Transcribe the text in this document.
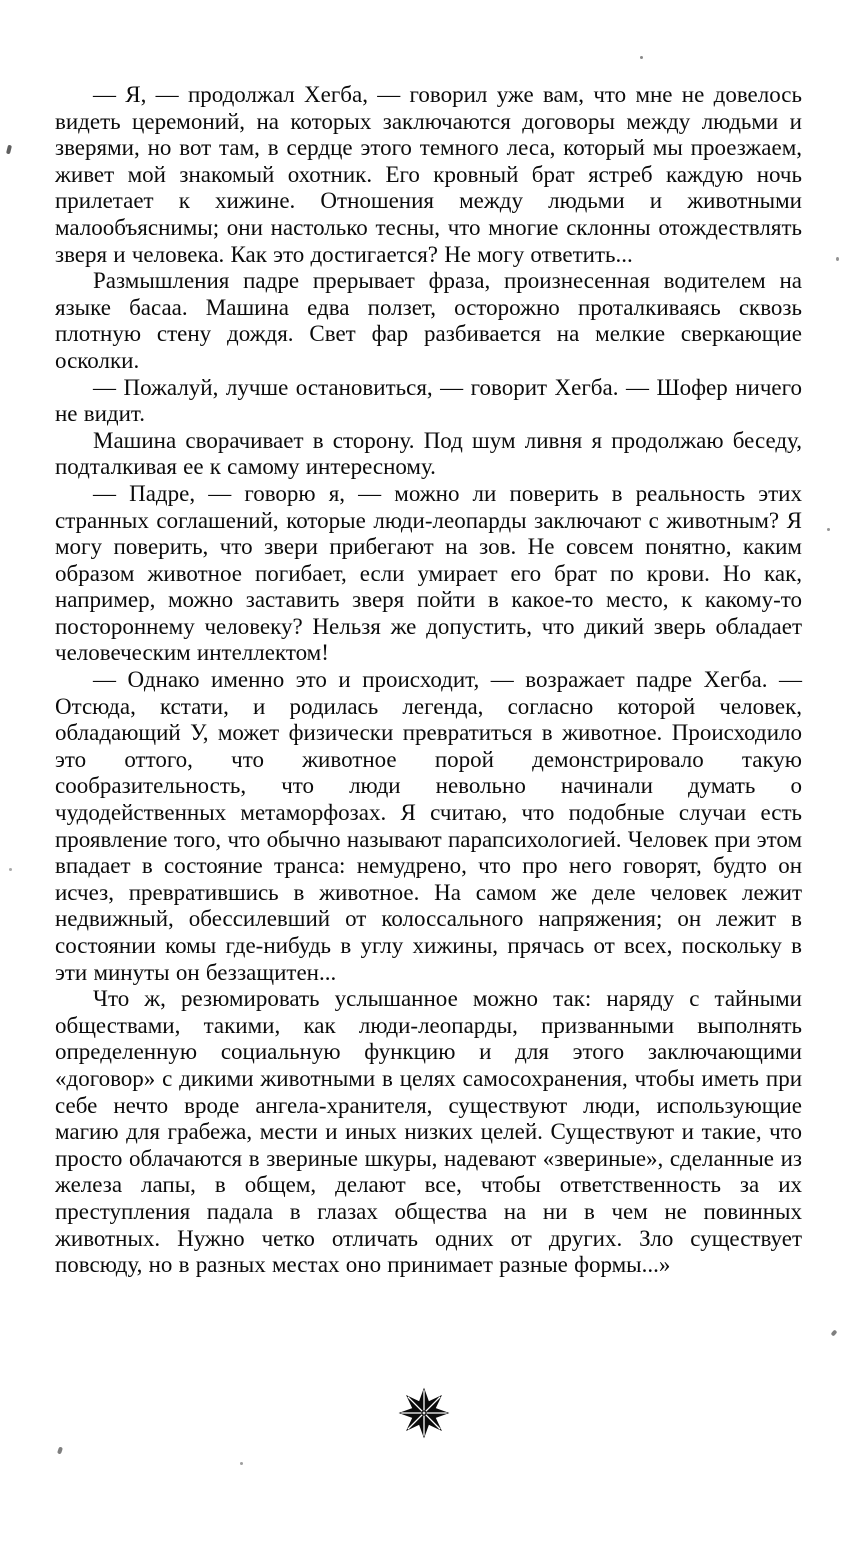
— Я, — продолжал Хегба, — говорил уже вам, что мне не довелось видеть церемоний, на которых заключаются договоры между людьми и зверями, но вот там, в сердце этого темного леса, который мы проезжаем, живет мой знакомый охотник. Его кровный брат ястреб каждую ночь прилетает к хижине. Отношения между людьми и животными малообъяснимы; они настолько тесны, что многие склонны отождествлять зверя и человека. Как это достигается? Не могу ответить...

Размышления падре прерывает фраза, произнесенная водителем на языке басаа. Машина едва ползет, осторожно проталкиваясь сквозь плотную стену дождя. Свет фар разбивается на мелкие сверкающие осколки.

— Пожалуй, лучше остановиться, — говорит Хегба. — Шофер ничего не видит.

Машина сворачивает в сторону. Под шум ливня я продолжаю беседу, подталкивая ее к самому интересному.

— Падре, — говорю я, — можно ли поверить в реальность этих странных соглашений, которые люди-леопарды заключают с животным? Я могу поверить, что звери прибегают на зов. Не совсем понятно, каким образом животное погибает, если умирает его брат по крови. Но как, например, можно заставить зверя пойти в какое-то место, к какому-то постороннему человеку? Нельзя же допустить, что дикий зверь обладает человеческим интеллектом!

— Однако именно это и происходит, — возражает падре Хегба. — Отсюда, кстати, и родилась легенда, согласно которой человек, обладающий У, может физически превратиться в животное. Происходило это оттого, что животное порой демонстрировало такую сообразительность, что люди невольно начинали думать о чудодейственных метаморфозах. Я считаю, что подобные случаи есть проявление того, что обычно называют парапсихологией. Человек при этом впадает в состояние транса: немудрено, что про него говорят, будто он исчез, превратившись в животное. На самом же деле человек лежит недвижный, обессилевший от колоссального напряжения; он лежит в состоянии комы где-нибудь в углу хижины, прячась от всех, поскольку в эти минуты он беззащитен...

Что ж, резюмировать услышанное можно так: наряду с тайными обществами, такими, как люди-леопарды, призванными выполнять определенную социальную функцию и для этого заключающими «договор» с дикими животными в целях самосохранения, чтобы иметь при себе нечто вроде ангела-хранителя, существуют люди, использующие магию для грабежа, мести и иных низких целей. Существуют и такие, что просто облачаются в звериные шкуры, надевают «звериные», сделанные из железа лапы, в общем, делают все, чтобы ответственность за их преступления падала в глазах общества на ни в чем не повинных животных. Нужно четко отличать одних от других. Зло существует повсюду, но в разных местах оно принимает разные формы...»
